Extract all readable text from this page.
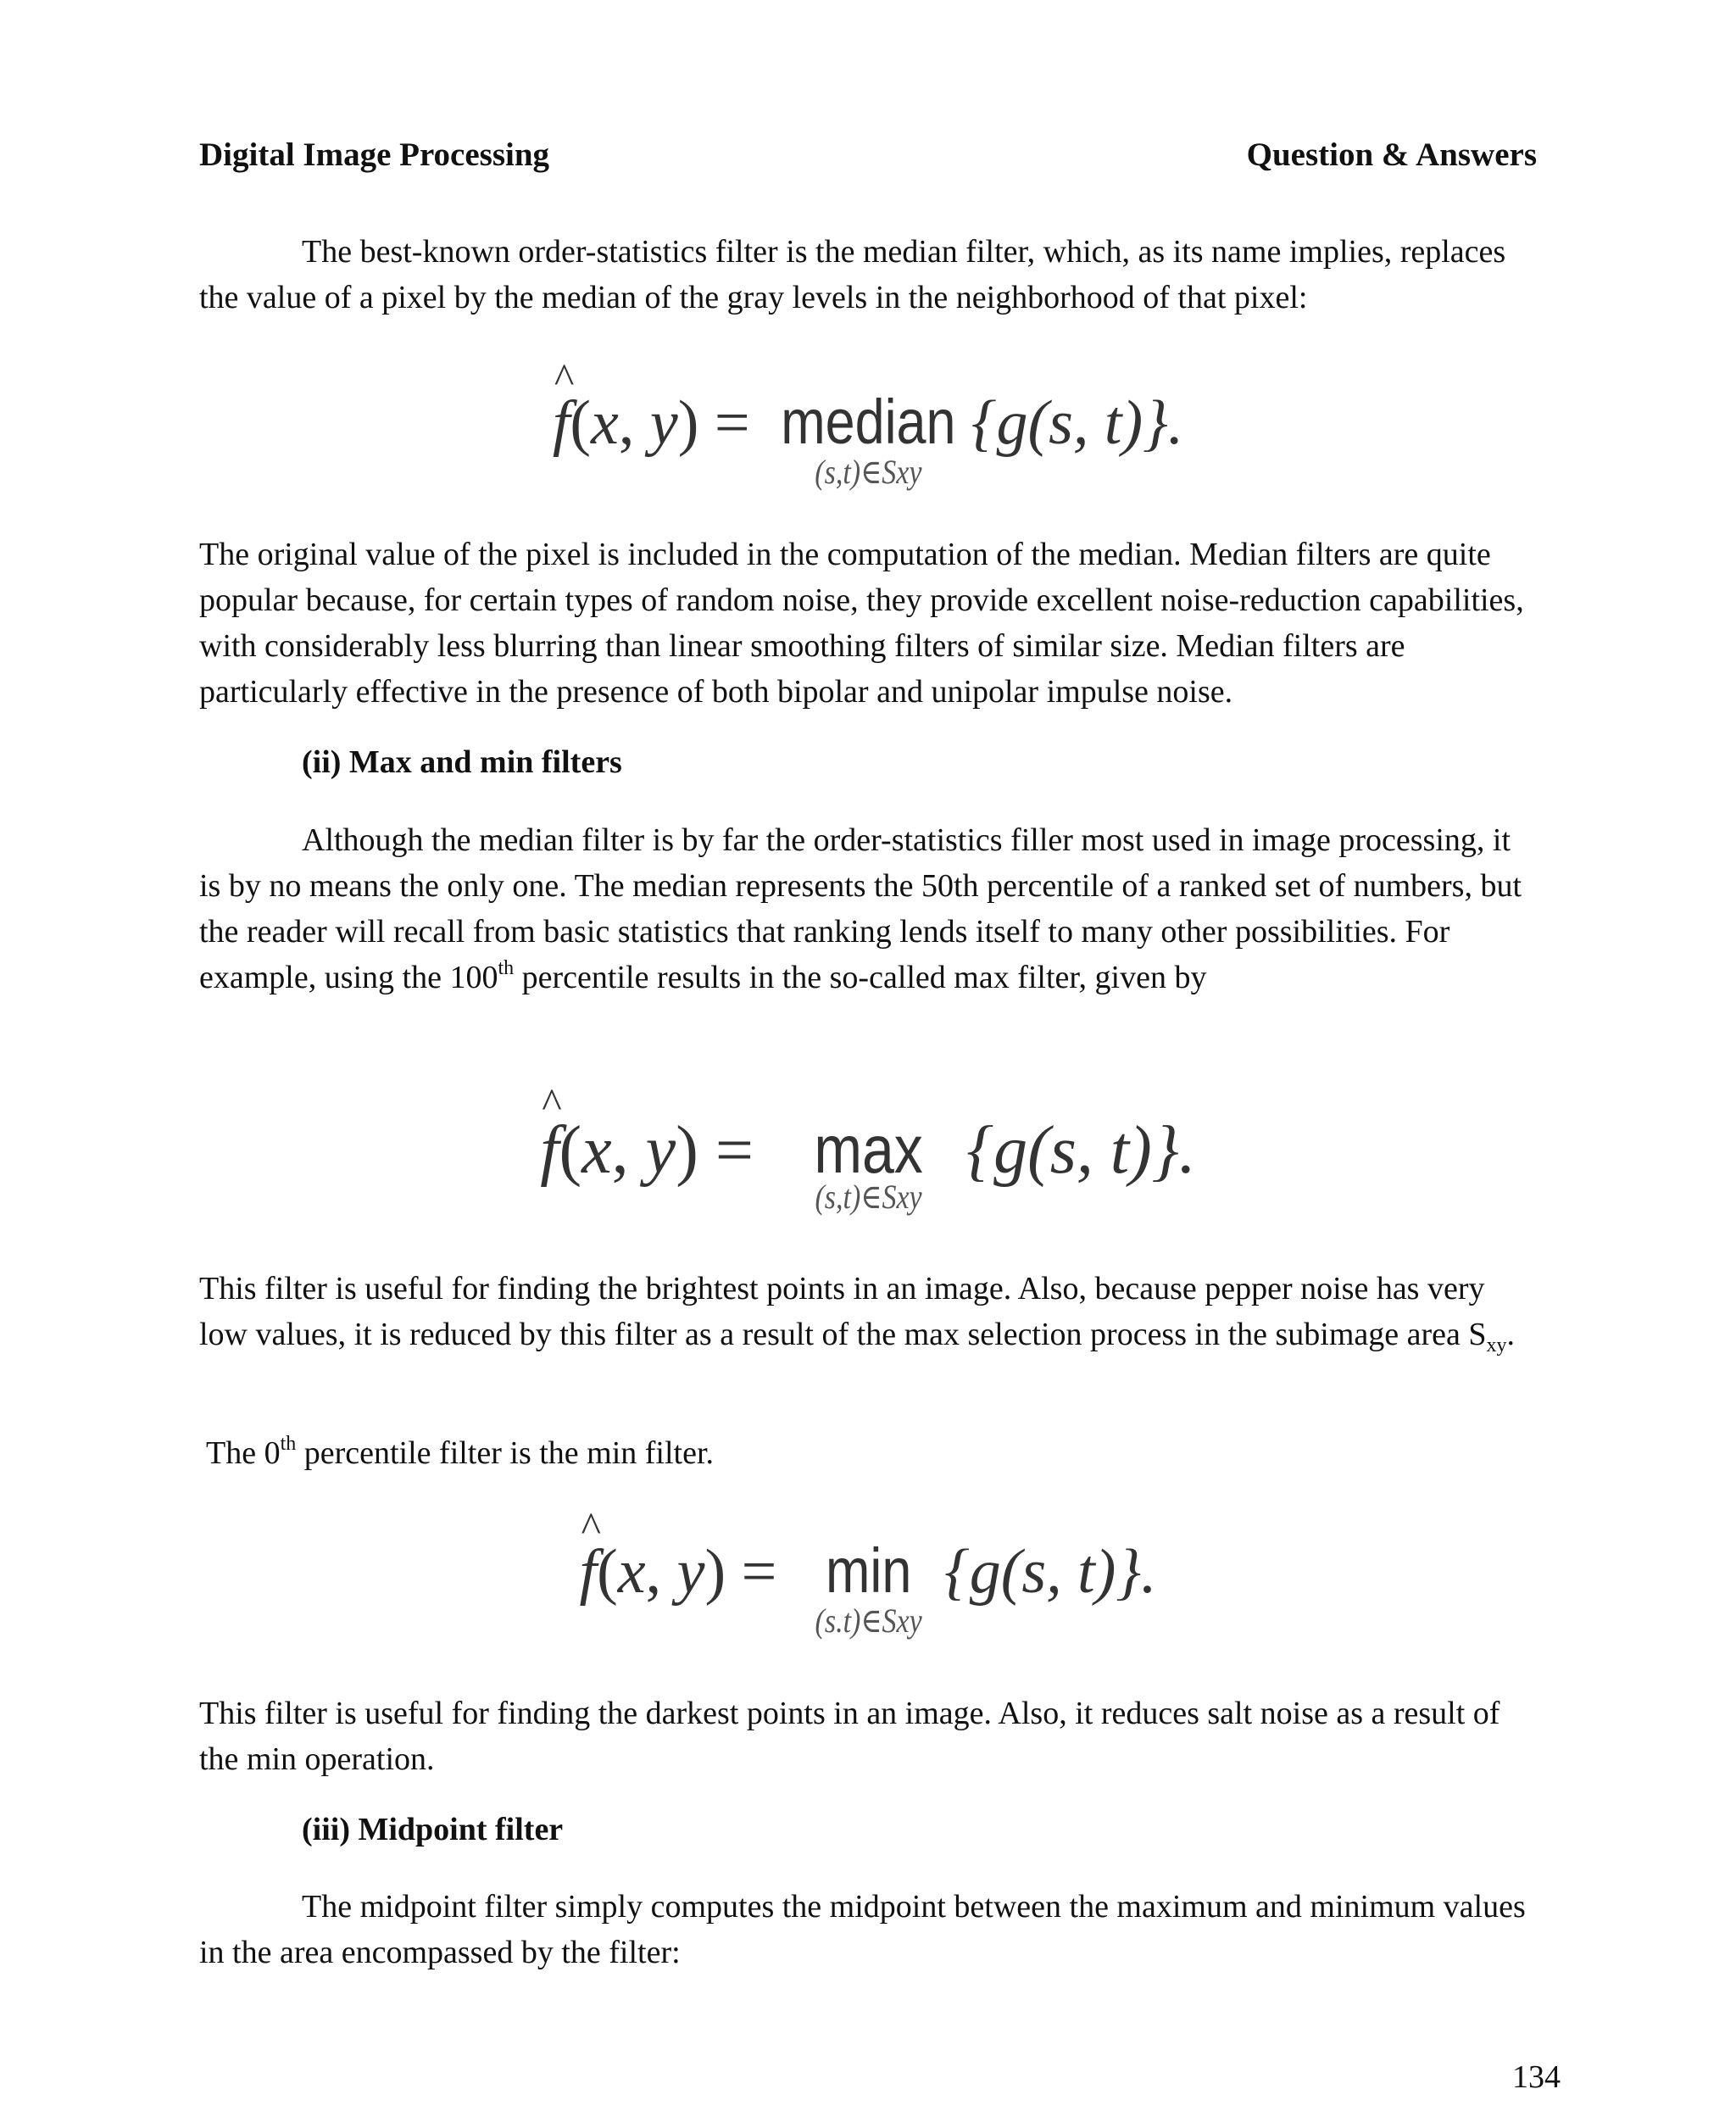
Digital Image Processing	Question & Answers

The best-known order-statistics filter is the median filter, which, as its name implies, replaces the value of a pixel by the median of the gray levels in the neighborhood of that pixel:

f
^
(x, y) = median
(s,t)∈Sxy
{g(s, t)}.

The original value of the pixel is included in the computation of the median. Median filters are quite popular because, for certain types of random noise, they provide excellent noise-reduction capabilities, with considerably less blurring than linear smoothing filters of similar size. Median filters are particularly effective in the presence of both bipolar and unipolar impulse noise.

(ii) Max and min filters

Although the median filter is by far the order-statistics filler most used in image processing, it is by no means the only one. The median represents the 50th percentile of a ranked set of numbers, but the reader will recall from basic statistics that ranking lends itself to many other possibilities. For example, using the 100th percentile results in the so-called max filter, given by

f
^
(x, y) = max
(s,t)∈Sxy
{g(s, t)}.

This filter is useful for finding the brightest points in an image. Also, because pepper noise has very low values, it is reduced by this filter as a result of the max selection process in the subimage area $S_{xy}$.

The 0th percentile filter is the min filter.

f
^
(x, y) = min
(s.t)∈Sxy
{g(s, t)}.

This filter is useful for finding the darkest points in an image. Also, it reduces salt noise as a result of the min operation.

(iii) Midpoint filter

The midpoint filter simply computes the midpoint between the maximum and minimum values in the area encompassed by the filter:

134
